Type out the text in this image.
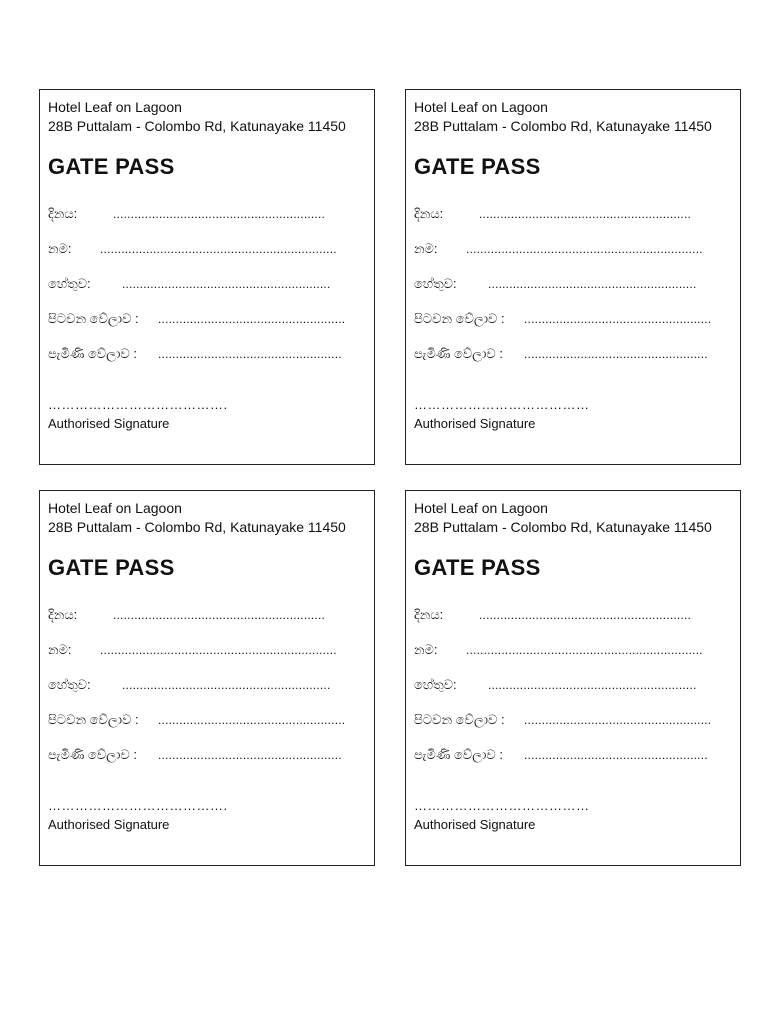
Hotel Leaf on Lagoon
28B Puttalam - Colombo Rd, Katunayake 11450
GATE PASS
දිනය:	............................................................
නම: ...................................................................
හේතුව:	...........................................................
පිටවන වේලාව : .....................................................
පැමිණි වේලාව : ....................................................
………………………………….
Authorised Signature
Hotel Leaf on Lagoon
28B Puttalam - Colombo Rd, Katunayake 11450
GATE PASS
දිනය:	............................................................
නම: ...................................................................
හේතුව:	...........................................................
පිටවන වේලාව : .....................................................
පැමිණි වේලාව : ....................................................
…………………………………
Authorised Signature
Hotel Leaf on Lagoon
28B Puttalam - Colombo Rd, Katunayake 11450
GATE PASS
දිනය:	............................................................
නම: ...................................................................
හේතුව:	...........................................................
පිටවන වේලාව : .....................................................
පැමිණි වේලාව : ....................................................
………………………………….
Authorised Signature
Hotel Leaf on Lagoon
28B Puttalam - Colombo Rd, Katunayake 11450
GATE PASS
දිනය:	............................................................
නම: ...................................................................
හේතුව:	...........................................................
පිටවන වේලාව : .....................................................
පැමිණි වේලාව : ....................................................
…………………………………
Authorised Signature
